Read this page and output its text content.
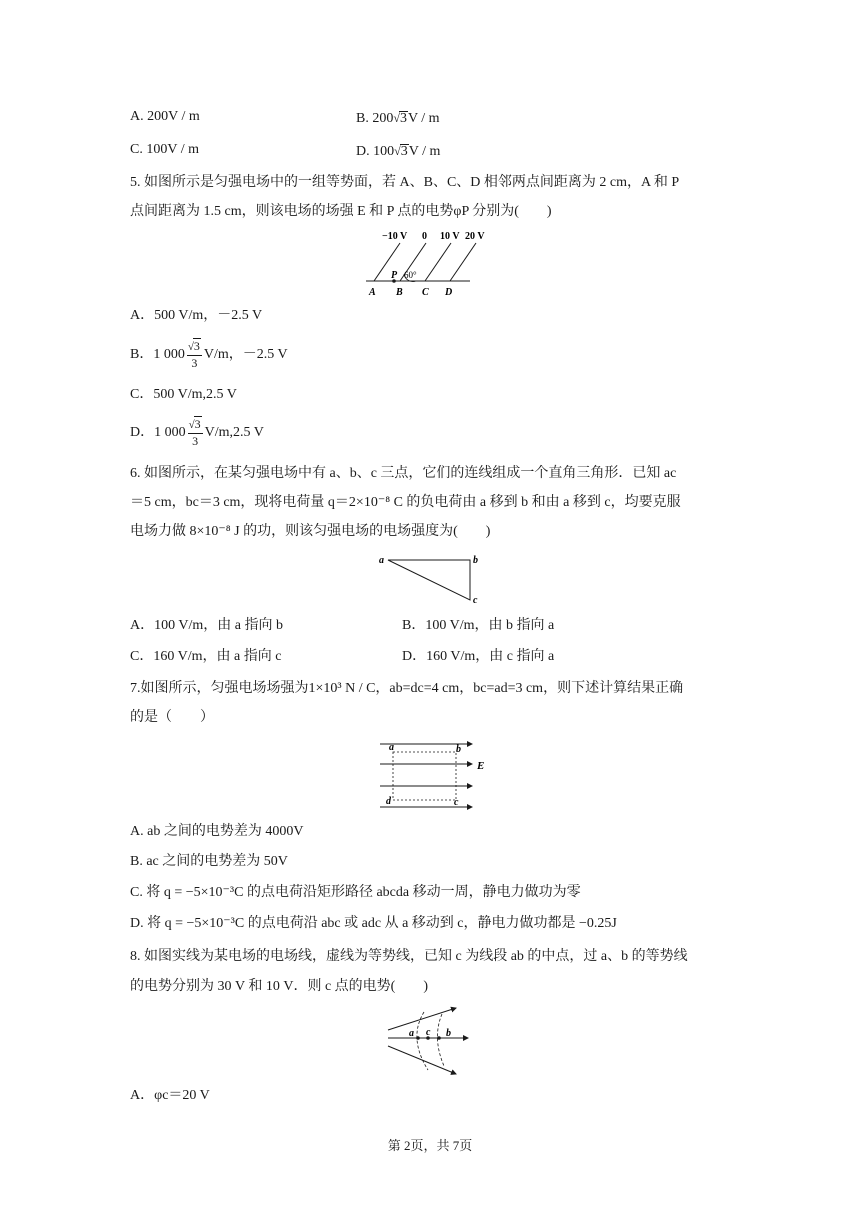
A. 200V / m	B. 200√3V / m
C. 100V / m	D. 100√3V / m
5. 如图所示是匀强电场中的一组等势面，若 A、B、C、D 相邻两点间距离为 2 cm，A 和 P
点间距离为 1.5 cm，则该电场的场强 E 和 P 点的电势φP 分别为(　　)
−10 V 0 10 V 20 V
P 60°
A B C D
A．500 V/m，－2.5 V
B．1 $000 \frac{√3}{3} V/m$，－2.5 V
C．500 V/m,2.5 V
D．1 $000 \frac{√3}{3} V/m,2.5$ V
6. 如图所示，在某匀强电场中有 a、b、c 三点，它们的连线组成一个直角三角形．已知 ac
＝5 cm，bc＝3 cm，现将电荷量 q＝2×10⁻⁸ C 的负电荷由 a 移到 b 和由 a 移到 c，均要克服
电场力做 8×10⁻⁸ J 的功，则该匀强电场的电场强度为(　　)
a	b
c
A．100 V/m，由 a 指向 b	B．100 V/m，由 b 指向 a
C．160 V/m，由 a 指向 c	D．160 V/m，由 c 指向 a
7.如图所示，匀强电场场强为1×10³ N / C，ab=dc=4 cm，bc=ad=3 cm，则下述计算结果正确
的是（　　）
a	b
c
d
E
A. ab 之间的电势差为 4000V
B. ac 之间的电势差为 50V
C. 将 q = −5×10⁻³C 的点电荷沿矩形路径 abcda 移动一周，静电力做功为零
D. 将 q = −5×10⁻³C 的点电荷沿 abc 或 adc 从 a 移动到 c，静电力做功都是 −0.25J
8. 如图实线为某电场的电场线，虚线为等势线，已知 c 为线段 ab 的中点，过 a、b 的等势线
的电势分别为 30 V 和 10 V．则 c 点的电势(　　)
a c b
A．φc＝20 V
第 2页，共 7页
